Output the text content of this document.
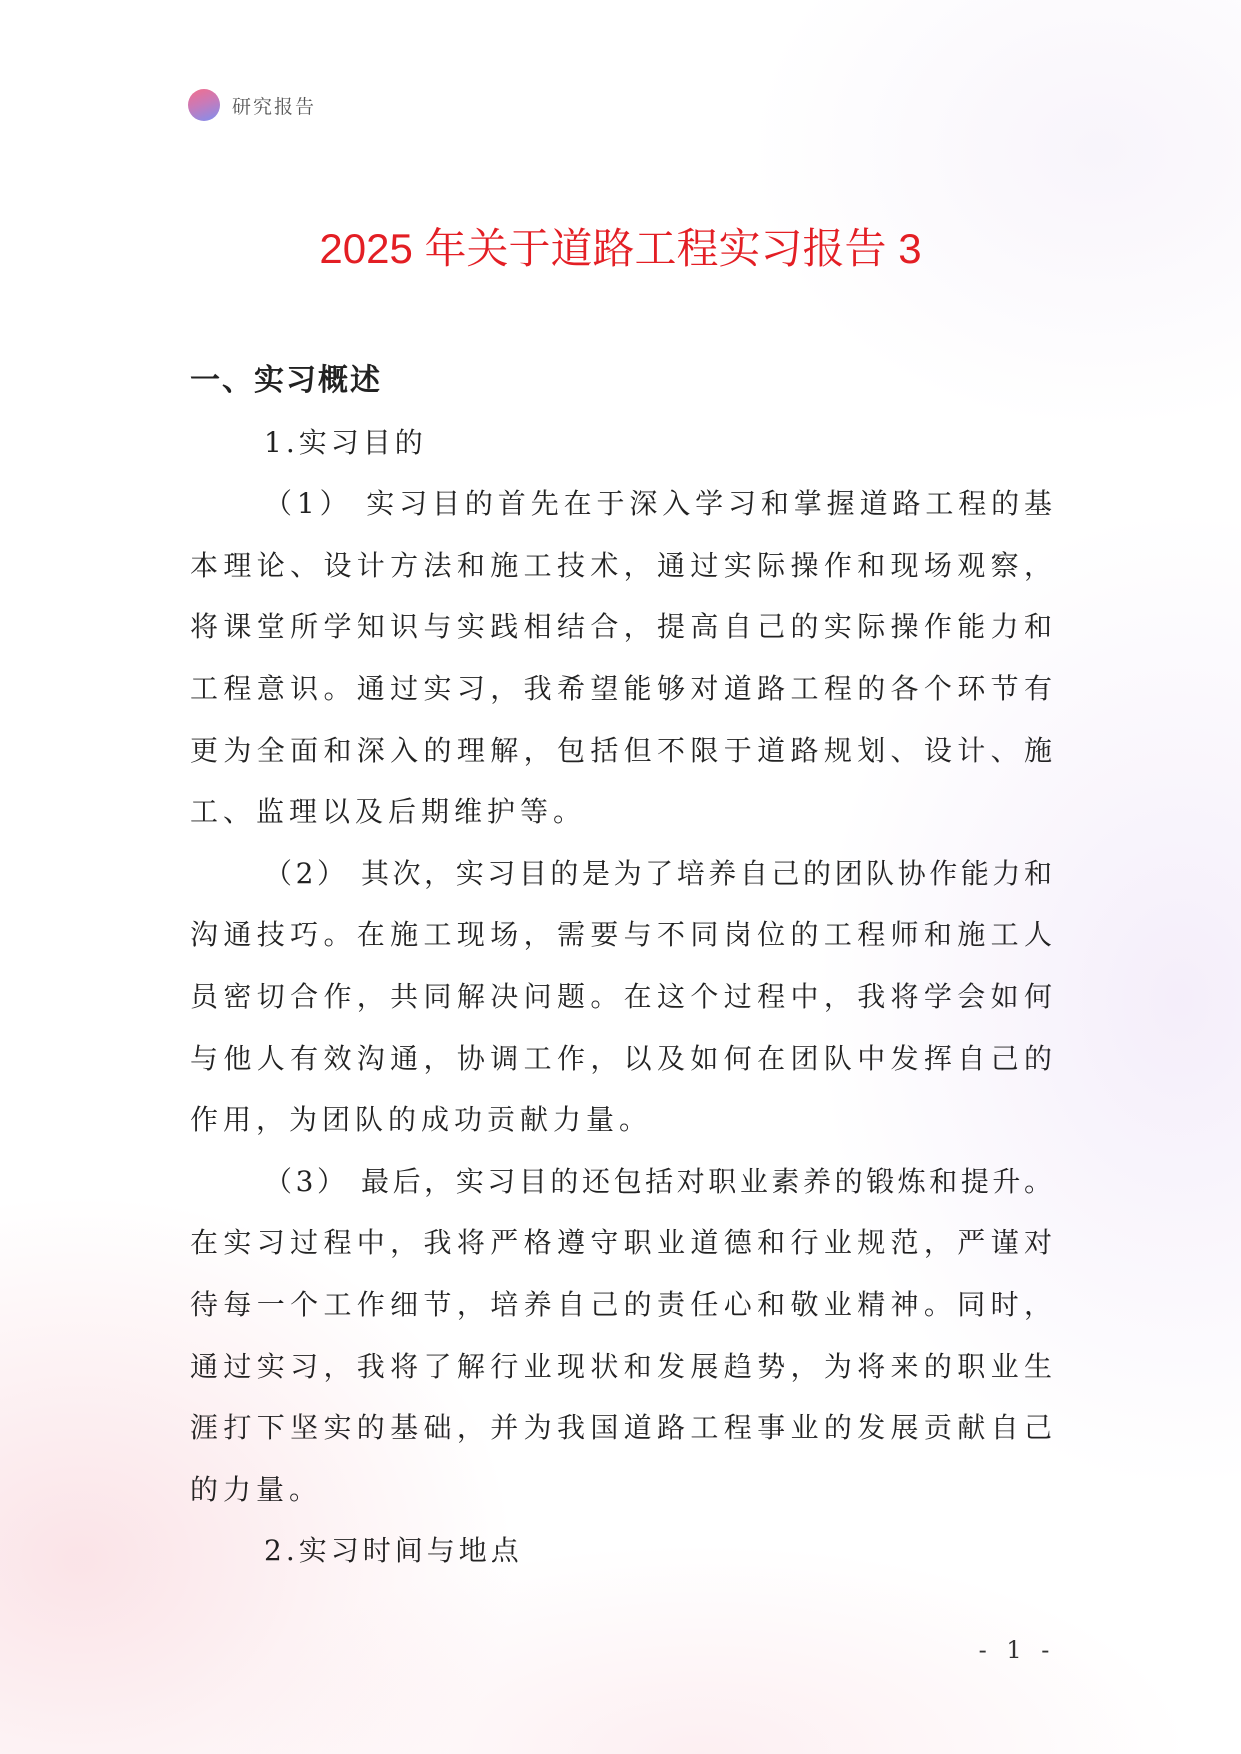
研究报告
2025 年关于道路工程实习报告 3
一、实习概述
1.实习目的
（1） 实习目的首先在于深入学习和掌握道路工程的基
本理论、设计方法和施工技术，通过实际操作和现场观察，
将课堂所学知识与实践相结合，提高自己的实际操作能力和
工程意识。通过实习，我希望能够对道路工程的各个环节有
更为全面和深入的理解，包括但不限于道路规划、设计、施
工、监理以及后期维护等。
（2） 其次，实习目的是为了培养自己的团队协作能力和
沟通技巧。在施工现场，需要与不同岗位的工程师和施工人
员密切合作，共同解决问题。在这个过程中，我将学会如何
与他人有效沟通，协调工作，以及如何在团队中发挥自己的
作用，为团队的成功贡献力量。
（3） 最后，实习目的还包括对职业素养的锻炼和提升。
在实习过程中，我将严格遵守职业道德和行业规范，严谨对
待每一个工作细节，培养自己的责任心和敬业精神。同时，
通过实习，我将了解行业现状和发展趋势，为将来的职业生
涯打下坚实的基础，并为我国道路工程事业的发展贡献自己
的力量。
2.实习时间与地点
- 1 -
